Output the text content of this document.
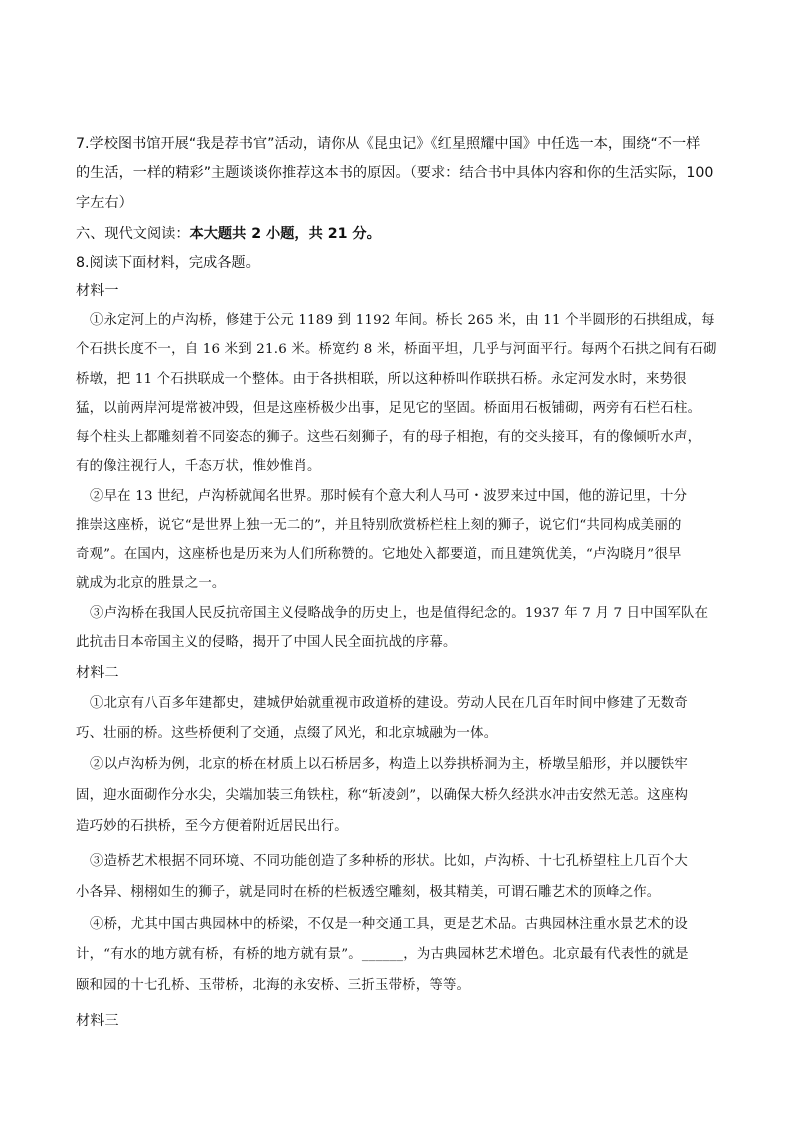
7.学校图书馆开展“我是荐书官”活动，请你从《昆虫记》《红星照耀中国》中任选一本，围绕“不一样

的生活，一样的精彩”主题谈谈你推荐这本书的原因。（要求：结合书中具体内容和你的生活实际，100

字左右）

六、现代文阅读：本大题共 2 小题，共 21 分。

8.阅读下面材料，完成各题。

材料一

①永定河上的卢沟桥，修建于公元 1189 到 1192 年间。桥长 265 米，由 11 个半圆形的石拱组成，每

个石拱长度不一，自 16 米到 21.6 米。桥宽约 8 米，桥面平坦，几乎与河面平行。每两个石拱之间有石砌

桥墩，把 11 个石拱联成一个整体。由于各拱相联，所以这种桥叫作联拱石桥。永定河发水时，来势很

猛，以前两岸河堤常被冲毁，但是这座桥极少出事，足见它的坚固。桥面用石板铺砌，两旁有石栏石柱。

每个柱头上都雕刻着不同姿态的狮子。这些石刻狮子，有的母子相抱，有的交头接耳，有的像倾听水声，

有的像注视行人，千态万状，惟妙惟肖。

②早在 13 世纪，卢沟桥就闻名世界。那时候有个意大利人马可・波罗来过中国，他的游记里，十分

推崇这座桥，说它“是世界上独一无二的”，并且特别欣赏桥栏柱上刻的狮子，说它们“共同构成美丽的

奇观”。在国内，这座桥也是历来为人们所称赞的。它地处入都要道，而且建筑优美，“卢沟晓月”很早

就成为北京的胜景之一。

③卢沟桥在我国人民反抗帝国主义侵略战争的历史上，也是值得纪念的。1937 年 7 月 7 日中国军队在

此抗击日本帝国主义的侵略，揭开了中国人民全面抗战的序幕。

材料二

①北京有八百多年建都史，建城伊始就重视市政道桥的建设。劳动人民在几百年时间中修建了无数奇

巧、壮丽的桥。这些桥便利了交通，点缀了风光，和北京城融为一体。

②以卢沟桥为例，北京的桥在材质上以石桥居多，构造上以券拱桥洞为主，桥墩呈船形，并以腰铁牢

固，迎水面砌作分水尖，尖端加装三角铁柱，称“斩凌剑”，以确保大桥久经洪水冲击安然无恙。这座构

造巧妙的石拱桥，至今方便着附近居民出行。

③造桥艺术根据不同环境、不同功能创造了多种桥的形状。比如，卢沟桥、十七孔桥望柱上几百个大

小各异、栩栩如生的狮子，就是同时在桥的栏板透空雕刻，极其精美，可谓石雕艺术的顶峰之作。

④桥，尤其中国古典园林中的桥梁，不仅是一种交通工具，更是艺术品。古典园林注重水景艺术的设

计，“有水的地方就有桥，有桥的地方就有景”。______，为古典园林艺术增色。北京最有代表性的就是

颐和园的十七孔桥、玉带桥，北海的永安桥、三折玉带桥，等等。

材料三
